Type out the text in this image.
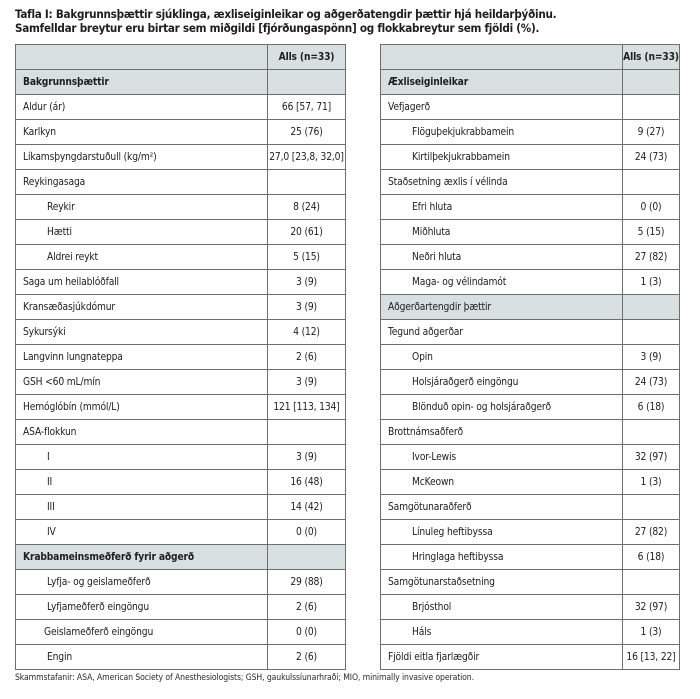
Tafla I: Bakgrunnsþættir sjúklinga, æxliseiginleikar og aðgerðatengdir þættir hjá heildarþýðinu.
Samfelldar breytur eru birtar sem miðgildi [fjórðungaspönn] og flokkabreytur sem fjöldi (%).
	Alls (n=33)
Bakgrunnsþættir	
Aldur (ár)	66 [57, 71]
Karlkyn	25 (76)
Líkamsþyngdarstuðull (kg/m²)	27,0 [23,8, 32,0]
Reykingasaga	
Reykir	8 (24)
Hætti	20 (61)
Aldrei reykt	5 (15)
Saga um heilablóðfall	3 (9)
Kransæðasjúkdómur	3 (9)
Sykursýki	4 (12)
Langvinn lungnateppa	2 (6)
GSH <60 mL/mín	3 (9)
Hemóglóbín (mmól/L)	121 [113, 134]
ASA-flokkun	
I	3 (9)
II	16 (48)
III	14 (42)
IV	0 (0)
Krabbameinsmeðferð fyrir aðgerð	
Lyfja- og geislameðferð	29 (88)
Lyfjameðferð eingöngu	2 (6)
Geislameðferð eingöngu	0 (0)
Engin	2 (6)
	Alls (n=33)
Æxliseiginleikar	
Vefjagerð	
Flöguþekjukrabbamein	9 (27)
Kirtilþekjukrabbamein	24 (73)
Staðsetning æxlis í vélinda	
Efri hluta	0 (0)
Miðhluta	5 (15)
Neðri hluta	27 (82)
Maga- og vélindamót	1 (3)
Aðgerðartengdir þættir	
Tegund aðgerðar	
Opin	3 (9)
Holsjáraðgerð eingöngu	24 (73)
Blönduð opin- og holsjáraðgerð	6 (18)
Brottnámsaðferð	
Ivor-Lewis	32 (97)
McKeown	1 (3)
Samgötunaraðferð	
Línuleg heftibyssa	27 (82)
Hringlaga heftibyssa	6 (18)
Samgötunarstaðsetning	
Brjósthol	32 (97)
Háls	1 (3)
Fjöldi eitla fjarlægðir	16 [13, 22]
Skammstafanir: ASA, American Society of Anesthesiologists; GSH, gaukulssíunarhraði; MIO, minimally invasive operation.
